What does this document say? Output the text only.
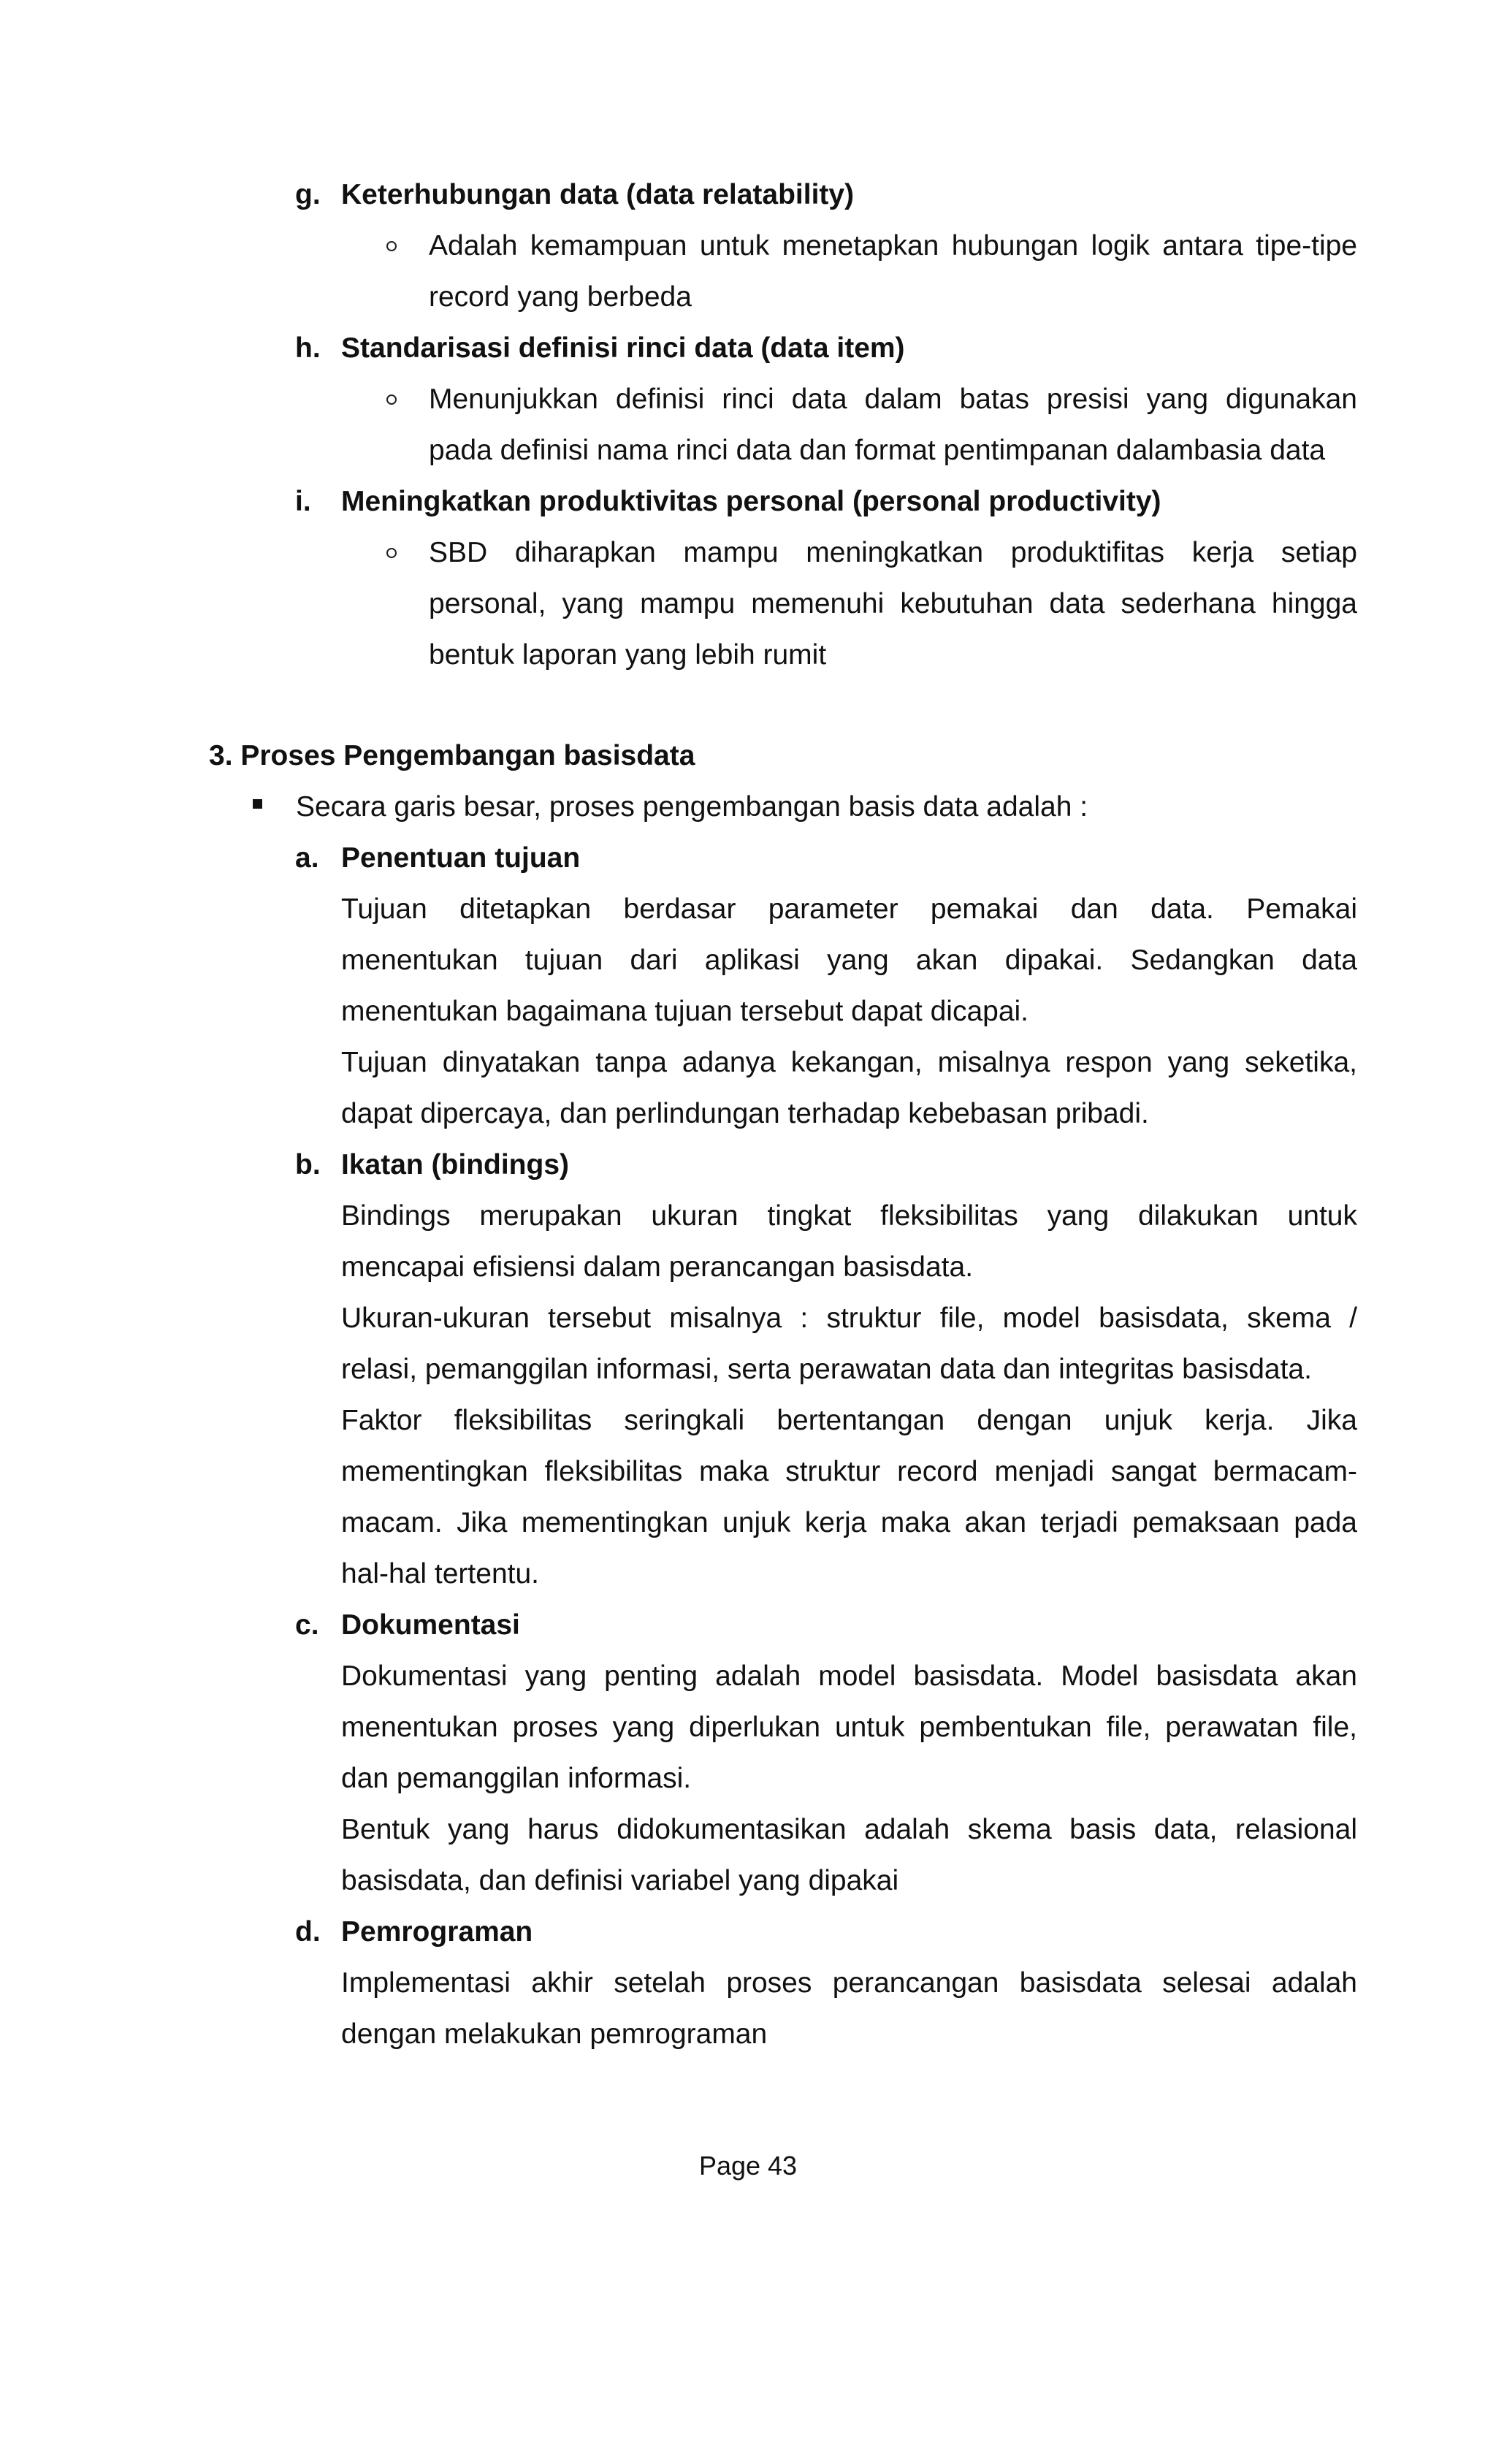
g. Keterhubungan data (data relatability)
Adalah kemampuan untuk menetapkan hubungan logik antara tipe-tipe
record yang berbeda
h. Standarisasi definisi rinci data (data item)
Menunjukkan definisi rinci data dalam batas presisi yang digunakan
pada definisi nama rinci data dan format pentimpanan dalambasia data
i. Meningkatkan produktivitas personal (personal productivity)
SBD diharapkan mampu meningkatkan produktifitas kerja setiap
personal, yang mampu memenuhi kebutuhan data sederhana hingga
bentuk laporan yang lebih rumit
3. Proses Pengembangan basisdata
Secara garis besar, proses pengembangan basis data adalah :
a. Penentuan tujuan
Tujuan ditetapkan berdasar parameter pemakai dan data. Pemakai
menentukan tujuan dari aplikasi yang akan dipakai. Sedangkan data
menentukan bagaimana tujuan tersebut dapat dicapai.
Tujuan dinyatakan tanpa adanya kekangan, misalnya respon yang seketika,
dapat dipercaya, dan perlindungan terhadap kebebasan pribadi.
b. Ikatan (bindings)
Bindings merupakan ukuran tingkat fleksibilitas yang dilakukan untuk
mencapai efisiensi dalam perancangan basisdata.
Ukuran-ukuran tersebut misalnya : struktur file, model basisdata, skema /
relasi, pemanggilan informasi, serta perawatan data dan integritas basisdata.
Faktor fleksibilitas seringkali bertentangan dengan unjuk kerja. Jika
mementingkan fleksibilitas maka struktur record menjadi sangat bermacam-
macam. Jika mementingkan unjuk kerja maka akan terjadi pemaksaan pada
hal-hal tertentu.
c. Dokumentasi
Dokumentasi yang penting adalah model basisdata. Model basisdata akan
menentukan proses yang diperlukan untuk pembentukan file, perawatan file,
dan pemanggilan informasi.
Bentuk yang harus didokumentasikan adalah skema basis data, relasional
basisdata, dan definisi variabel yang dipakai
d. Pemrograman
Implementasi akhir setelah proses perancangan basisdata selesai adalah
dengan melakukan pemrograman
Page 43
